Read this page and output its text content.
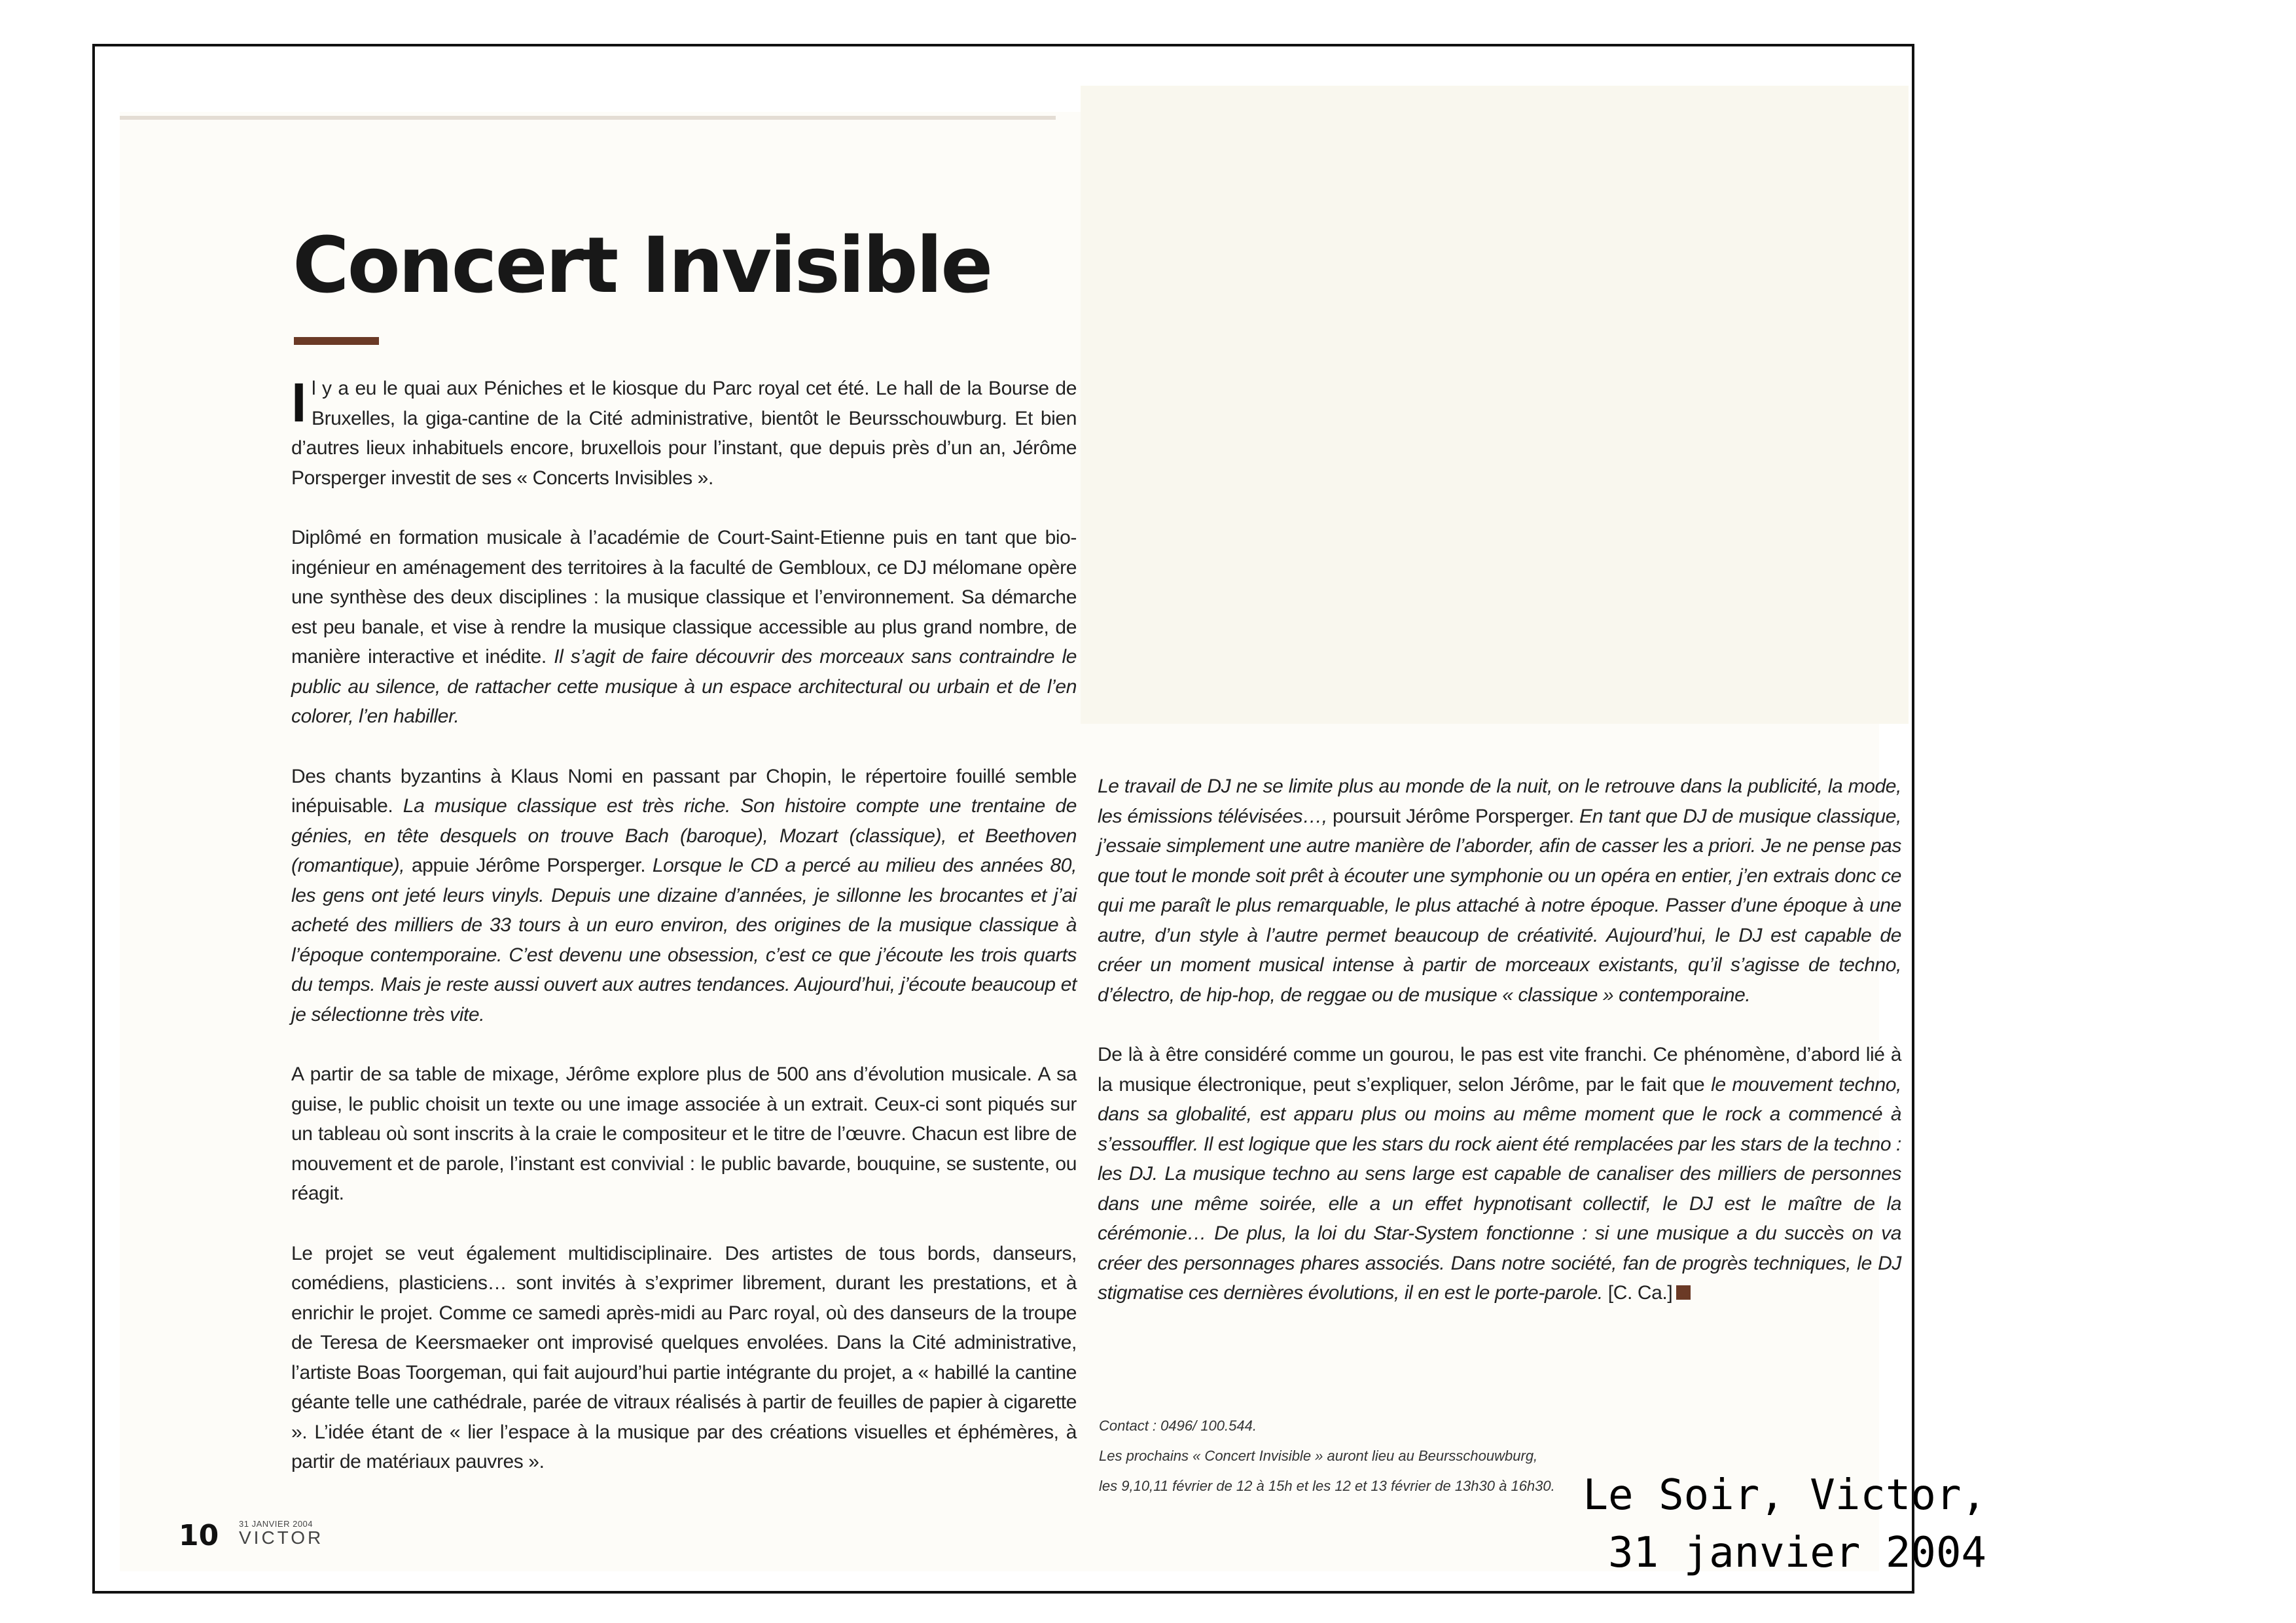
Concert Invisible

Il y a eu le quai aux Péniches et le kiosque du Parc royal cet été. Le hall de la Bourse de Bruxelles, la giga-cantine de la Cité administrative, bientôt le Beursschouwburg. Et bien d’autres lieux inhabituels encore, bruxellois pour l’instant, que depuis près d’un an, Jérôme Porsperger investit de ses « Concerts Invisibles ».

Diplômé en formation musicale à l’académie de Court-Saint-Etienne puis en tant que bio-ingénieur en aménagement des territoires à la faculté de Gembloux, ce DJ mélomane opère une synthèse des deux disciplines : la musique classique et l’environnement. Sa démarche est peu banale, et vise à rendre la musique classique accessible au plus grand nombre, de manière interactive et inédite. Il s’agit de faire découvrir des morceaux sans contraindre le public au silence, de rattacher cette musique à un espace architectural ou urbain et de l’en colorer, l’en habiller.

Des chants byzantins à Klaus Nomi en passant par Chopin, le répertoire fouillé semble inépuisable. La musique classique est très riche. Son histoire compte une trentaine de génies, en tête desquels on trouve Bach (baroque), Mozart (classique), et Beethoven (romantique), appuie Jérôme Porsperger. Lorsque le CD a percé au milieu des années 80, les gens ont jeté leurs vinyls. Depuis une dizaine d’années, je sillonne les brocantes et j’ai acheté des milliers de 33 tours à un euro environ, des origines de la musique classique à l’époque contemporaine. C’est devenu une obsession, c’est ce que j’écoute les trois quarts du temps. Mais je reste aussi ouvert aux autres tendances. Aujourd’hui, j’écoute beaucoup et je sélectionne très vite.

A partir de sa table de mixage, Jérôme explore plus de 500 ans d’évolution musicale. A sa guise, le public choisit un texte ou une image associée à un extrait. Ceux-ci sont piqués sur un tableau où sont inscrits à la craie le compositeur et le titre de l’œuvre. Chacun est libre de mouvement et de parole, l’instant est convivial : le public bavarde, bouquine, se sustente, ou réagit.

Le projet se veut également multidisciplinaire. Des artistes de tous bords, danseurs, comédiens, plasticiens… sont invités à s’exprimer librement, durant les prestations, et à enrichir le projet. Comme ce samedi après-midi au Parc royal, où des danseurs de la troupe de Teresa de Keersmaeker ont improvisé quelques envolées. Dans la Cité administrative, l’artiste Boas Toorgeman, qui fait aujourd’hui partie intégrante du projet, a « habillé la cantine géante telle une cathédrale, parée de vitraux réalisés à partir de feuilles de papier à cigarette ». L’idée étant de « lier l’espace à la musique par des créations visuelles et éphémères, à partir de matériaux pauvres ».

Le travail de DJ ne se limite plus au monde de la nuit, on le retrouve dans la publicité, la mode, les émissions télévisées…, poursuit Jérôme Porsperger. En tant que DJ de musique classique, j’essaie simplement une autre manière de l’aborder, afin de casser les a priori. Je ne pense pas que tout le monde soit prêt à écouter une symphonie ou un opéra en entier, j’en extrais donc ce qui me paraît le plus remarquable, le plus attaché à notre époque. Passer d’une époque à une autre, d’un style à l’autre permet beaucoup de créativité. Aujourd’hui, le DJ est capable de créer un moment musical intense à partir de morceaux existants, qu’il s’agisse de techno, d’électro, de hip-hop, de reggae ou de musique « classique » contemporaine.

De là à être considéré comme un gourou, le pas est vite franchi. Ce phénomène, d’abord lié à la musique électronique, peut s’expliquer, selon Jérôme, par le fait que le mouvement techno, dans sa globalité, est apparu plus ou moins au même moment que le rock a commencé à s’essouffler. Il est logique que les stars du rock aient été remplacées par les stars de la techno : les DJ. La musique techno au sens large est capable de canaliser des milliers de personnes dans une même soirée, elle a un effet hypnotisant collectif, le DJ est le maître de la cérémonie… De plus, la loi du Star-System fonctionne : si une musique a du succès on va créer des personnages phares associés. Dans notre société, fan de progrès techniques, le DJ stigmatise ces dernières évolutions, il en est le porte-parole. [C. Ca.]

Contact : 0496/ 100.544.
Les prochains « Concert Invisible » auront lieu au Beursschouwburg,
les 9,10,11 février de 12 à 15h et les 12 et 13 février de 13h30 à 16h30.
10 31 JANVIER 2004
VICTOR
Le Soir, Victor,
31 janvier 2004
